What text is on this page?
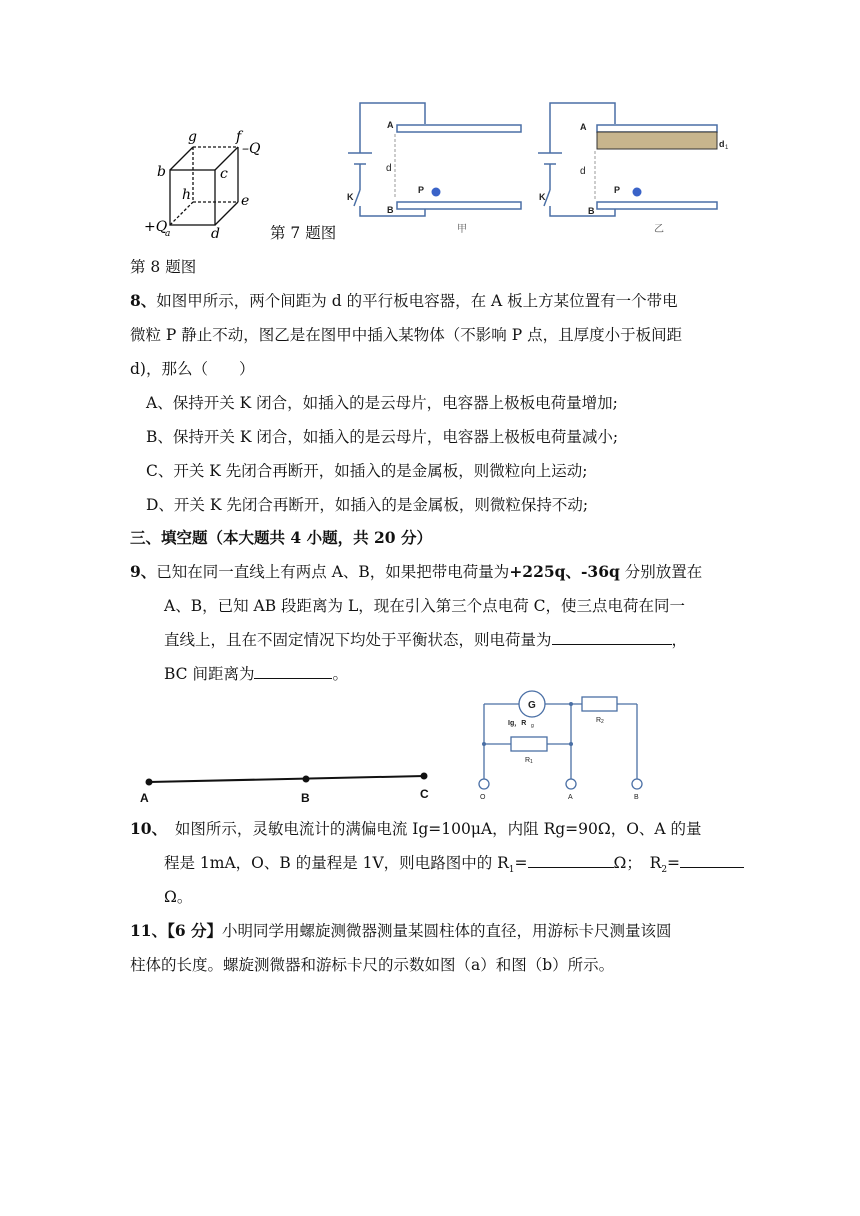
g	f
–Q
b	c
h	e
+Q
a	d	第 7 题图
A
d
P
K
B
甲
A
d
d 1
P
K
B
乙
第 8 题图
8、如图甲所示，两个间距为 d 的平行板电容器，在 A 板上方某位置有一个带电
微粒 P 静止不动，图乙是在图甲中插入某物体（不影响 P 点，且厚度小于板间距
d)，那么（　　）
A、保持开关 K 闭合，如插入的是云母片，电容器上极板电荷量增加;
B、保持开关 K 闭合，如插入的是云母片，电容器上极板电荷量减小;
C、开关 K 先闭合再断开，如插入的是金属板，则微粒向上运动;
D、开关 K 先闭合再断开，如插入的是金属板，则微粒保持不动;
三、填空题（本大题共 4 小题，共 20 分）
9、已知在同一直线上有两点 A、B，如果把带电荷量为+225q、-36q 分别放置在
A、B，已知 AB 段距离为 L，现在引入第三个点电荷 C，使三点电荷在同一
直线上，且在不固定情况下均处于平衡状态，则电荷量为	，
BC 间距离为	。
A	B	C
G
Ig，R g
R 2
R 1
O	A	B
10、　如图所示，灵敏电流计的满偏电流 Ig=100μA，内阻 Rg=90Ω，O、A 的量
程是 1mA，O、B 的量程是 1V，则电路图中的 $R_1=$	Ω；　$R_2=$
Ω。
11、【6 分】小明同学用螺旋测微器测量某圆柱体的直径，用游标卡尺测量该圆
柱体的长度。螺旋测微器和游标卡尺的示数如图（a）和图（b）所示。
